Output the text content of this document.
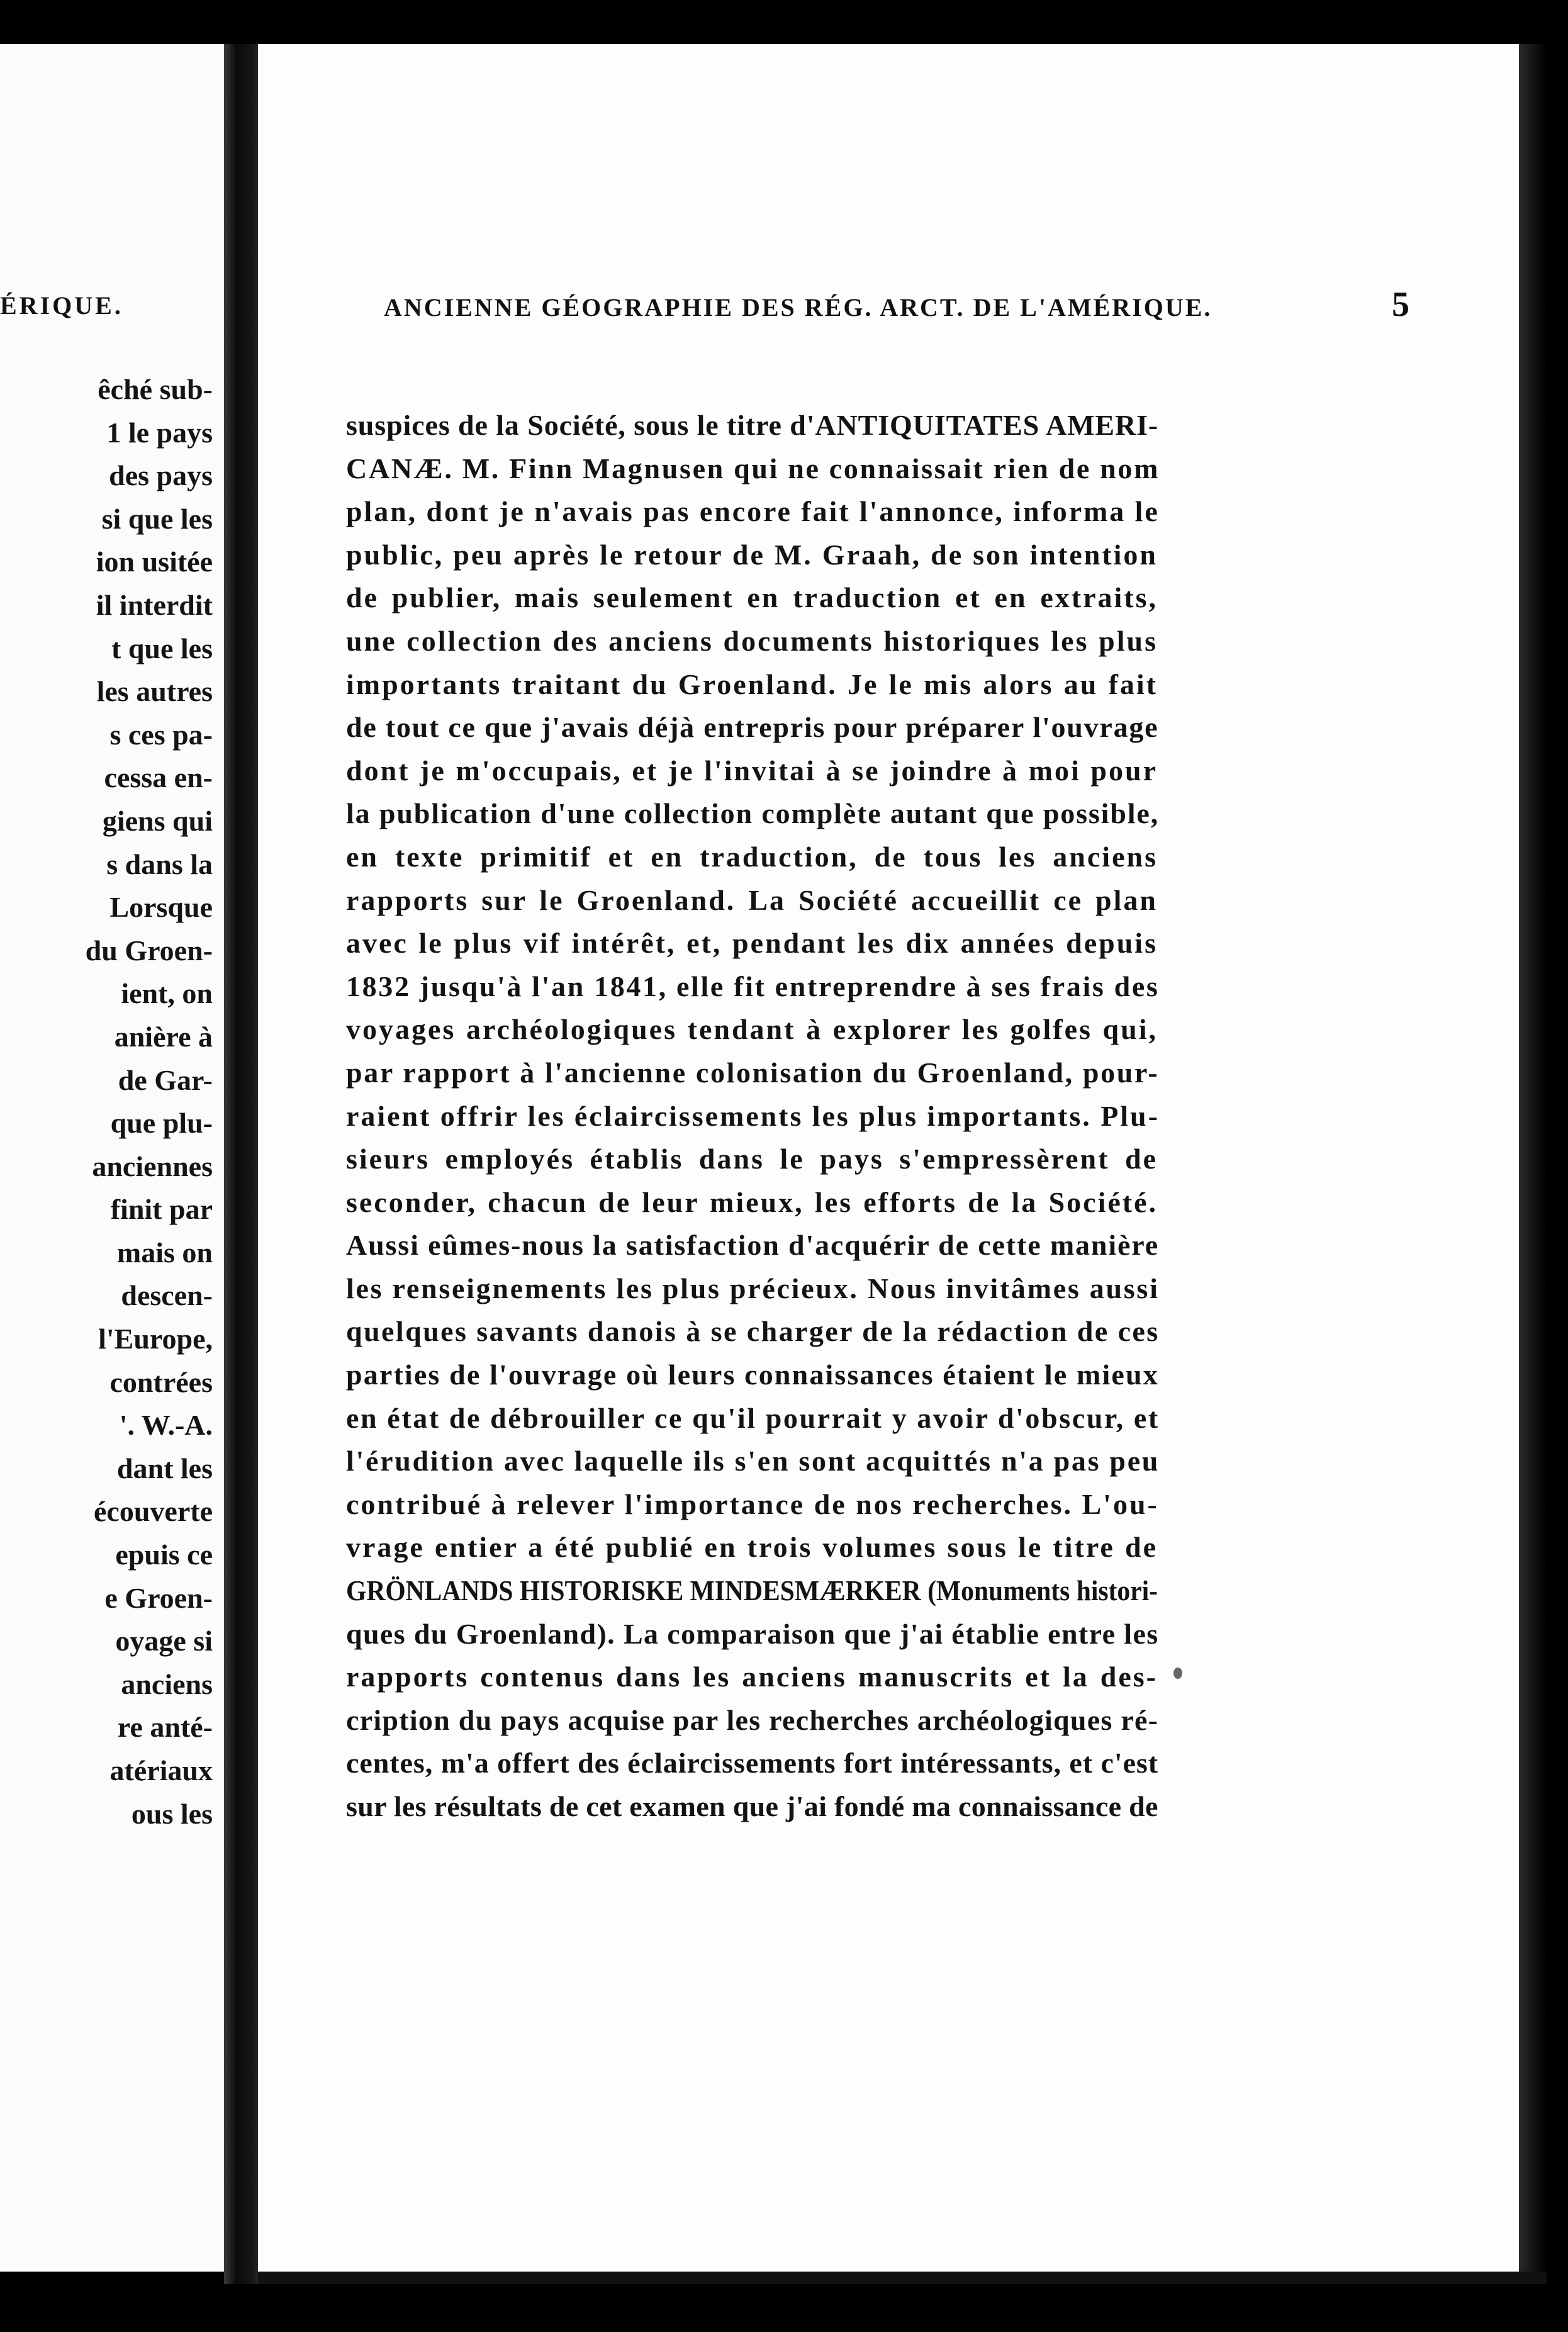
ÉRIQUE.
êché sub-
1 le pays
des pays
si que les
ion usitée
il interdit
t que les
les autres
s ces pa-
cessa en-
giens qui
s dans la
Lorsque
du Groen-
ient, on
anière à
de Gar-
que plu-
anciennes
finit par
mais on
descen-
l'Europe,
contrées
'. W.-A.
dant les
écouverte
epuis ce
e Groen-
oyage si
anciens
re anté-
atériaux
ous les
ANCIENNE GÉOGRAPHIE DES RÉG. ARCT. DE L'AMÉRIQUE.	5
suspices de la Société, sous le titre d'ANTIQUITATES AMERI-
CANÆ. M. Finn Magnusen qui ne connaissait rien de nom
plan, dont je n'avais pas encore fait l'annonce, informa le
public, peu après le retour de M. Graah, de son intention
de publier, mais seulement en traduction et en extraits,
une collection des anciens documents historiques les plus
importants traitant du Groenland. Je le mis alors au fait
de tout ce que j'avais déjà entrepris pour préparer l'ouvrage
dont je m'occupais, et je l'invitai à se joindre à moi pour
la publication d'une collection complète autant que possible,
en texte primitif et en traduction, de tous les anciens
rapports sur le Groenland. La Société accueillit ce plan
avec le plus vif intérêt, et, pendant les dix années depuis
1832 jusqu'à l'an 1841, elle fit entreprendre à ses frais des
voyages archéologiques tendant à explorer les golfes qui,
par rapport à l'ancienne colonisation du Groenland, pour-
raient offrir les éclaircissements les plus importants. Plu-
sieurs employés établis dans le pays s'empressèrent de
seconder, chacun de leur mieux, les efforts de la Société.
Aussi eûmes-nous la satisfaction d'acquérir de cette manière
les renseignements les plus précieux. Nous invitâmes aussi
quelques savants danois à se charger de la rédaction de ces
parties de l'ouvrage où leurs connaissances étaient le mieux
en état de débrouiller ce qu'il pourrait y avoir d'obscur, et
l'érudition avec laquelle ils s'en sont acquittés n'a pas peu
contribué à relever l'importance de nos recherches. L'ou-
vrage entier a été publié en trois volumes sous le titre de
GRÖNLANDS HISTORISKE MINDESMÆRKER (Monuments histori-
ques du Groenland). La comparaison que j'ai établie entre les
rapports contenus dans les anciens manuscrits et la des-
cription du pays acquise par les recherches archéologiques ré-
centes, m'a offert des éclaircissements fort intéressants, et c'est
sur les résultats de cet examen que j'ai fondé ma connaissance de
